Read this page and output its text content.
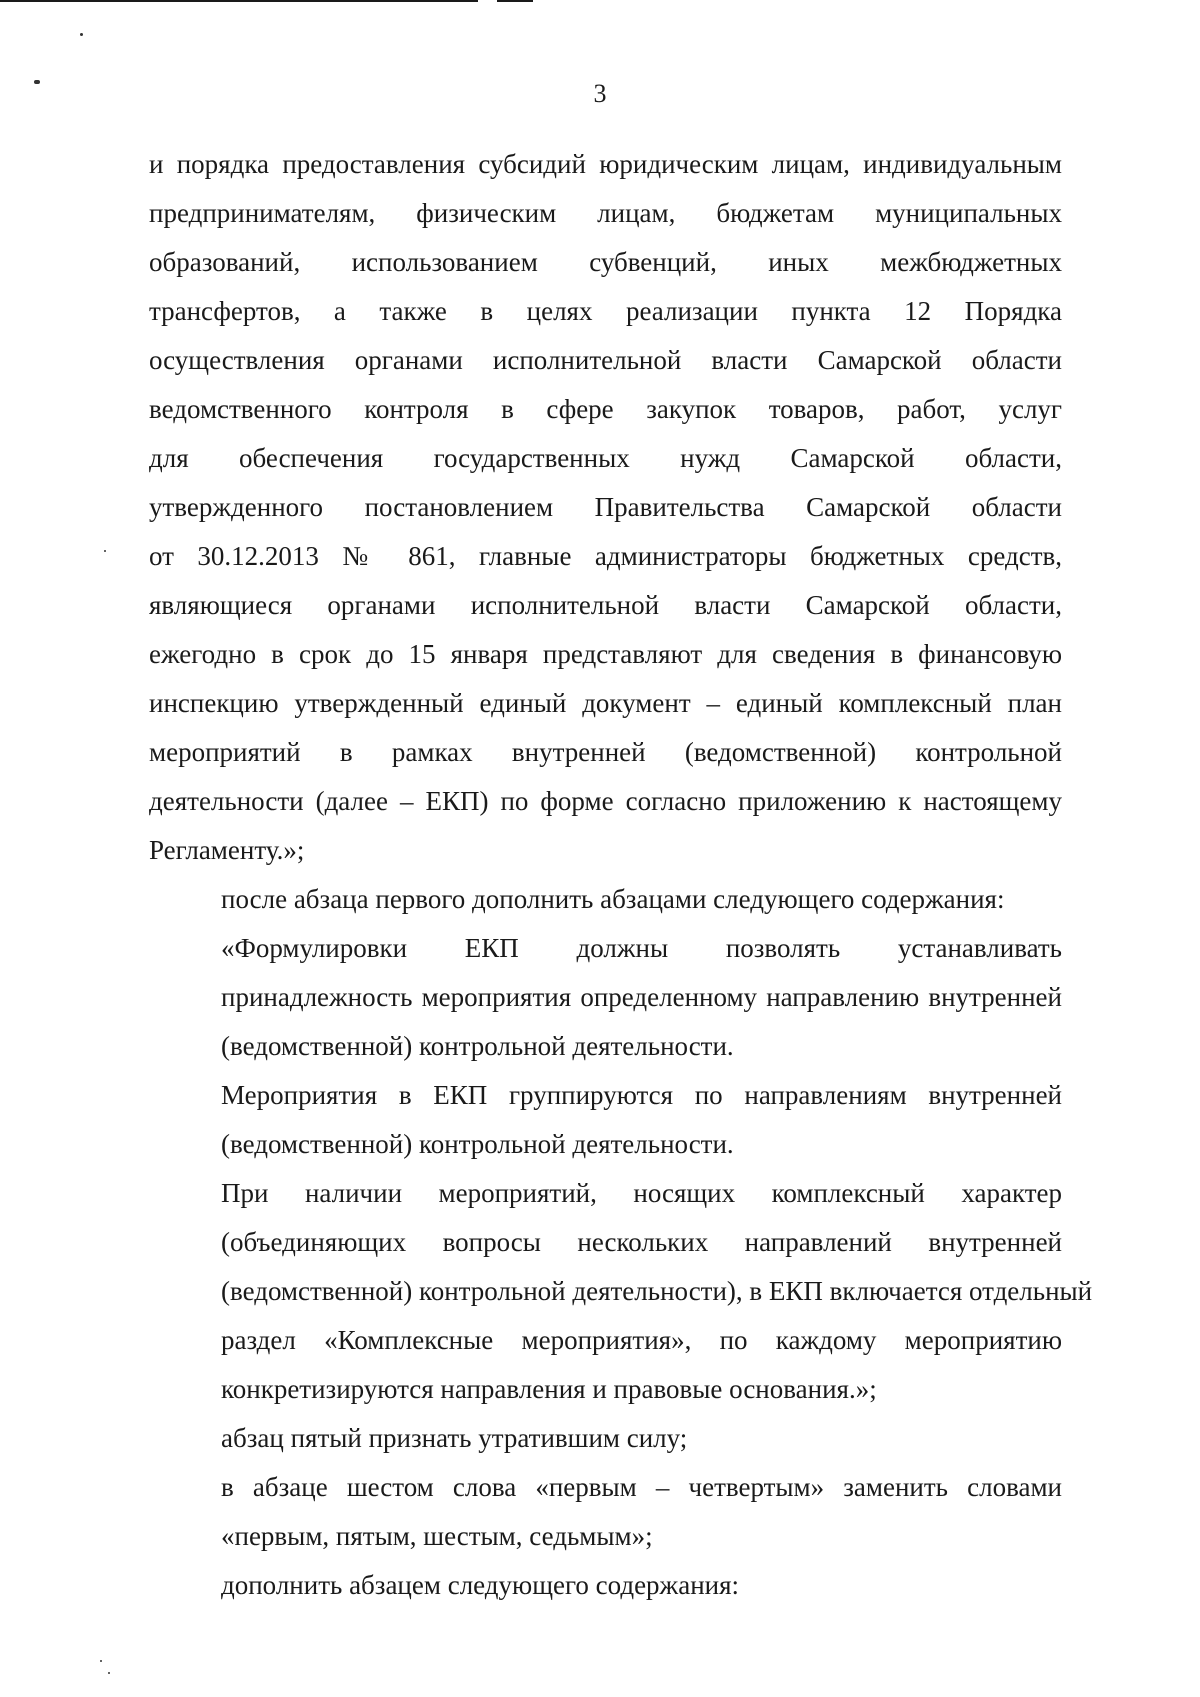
3

и порядка предоставления субсидий юридическим лицам, индивидуальным
предпринимателям, физическим лицам, бюджетам муниципальных
образований, использованием субвенций, иных межбюджетных
трансфертов, а также в целях реализации пункта 12 Порядка
осуществления органами исполнительной власти Самарской области
ведомственного контроля в сфере закупок товаров, работ, услуг
для обеспечения государственных нужд Самарской области,
утвержденного постановлением Правительства Самарской области
от 30.12.2013 № 861, главные администраторы бюджетных средств,
являющиеся органами исполнительной власти Самарской области,
ежегодно в срок до 15 января представляют для сведения в финансовую
инспекцию утвержденный единый документ – единый комплексный план
мероприятий в рамках внутренней (ведомственной) контрольной
деятельности (далее – ЕКП) по форме согласно приложению к настоящему
Регламенту.»;

после абзаца первого дополнить абзацами следующего содержания:

«Формулировки ЕКП должны позволять устанавливать
принадлежность мероприятия определенному направлению внутренней
(ведомственной) контрольной деятельности.

Мероприятия в ЕКП группируются по направлениям внутренней
(ведомственной) контрольной деятельности.

При наличии мероприятий, носящих комплексный характер
(объединяющих вопросы нескольких направлений внутренней
(ведомственной) контрольной деятельности), в ЕКП включается отдельный
раздел «Комплексные мероприятия», по каждому мероприятию
конкретизируются направления и правовые основания.»;

абзац пятый признать утратившим силу;

в абзаце шестом слова «первым – четвертым» заменить словами
«первым, пятым, шестым, седьмым»;

дополнить абзацем следующего содержания:
